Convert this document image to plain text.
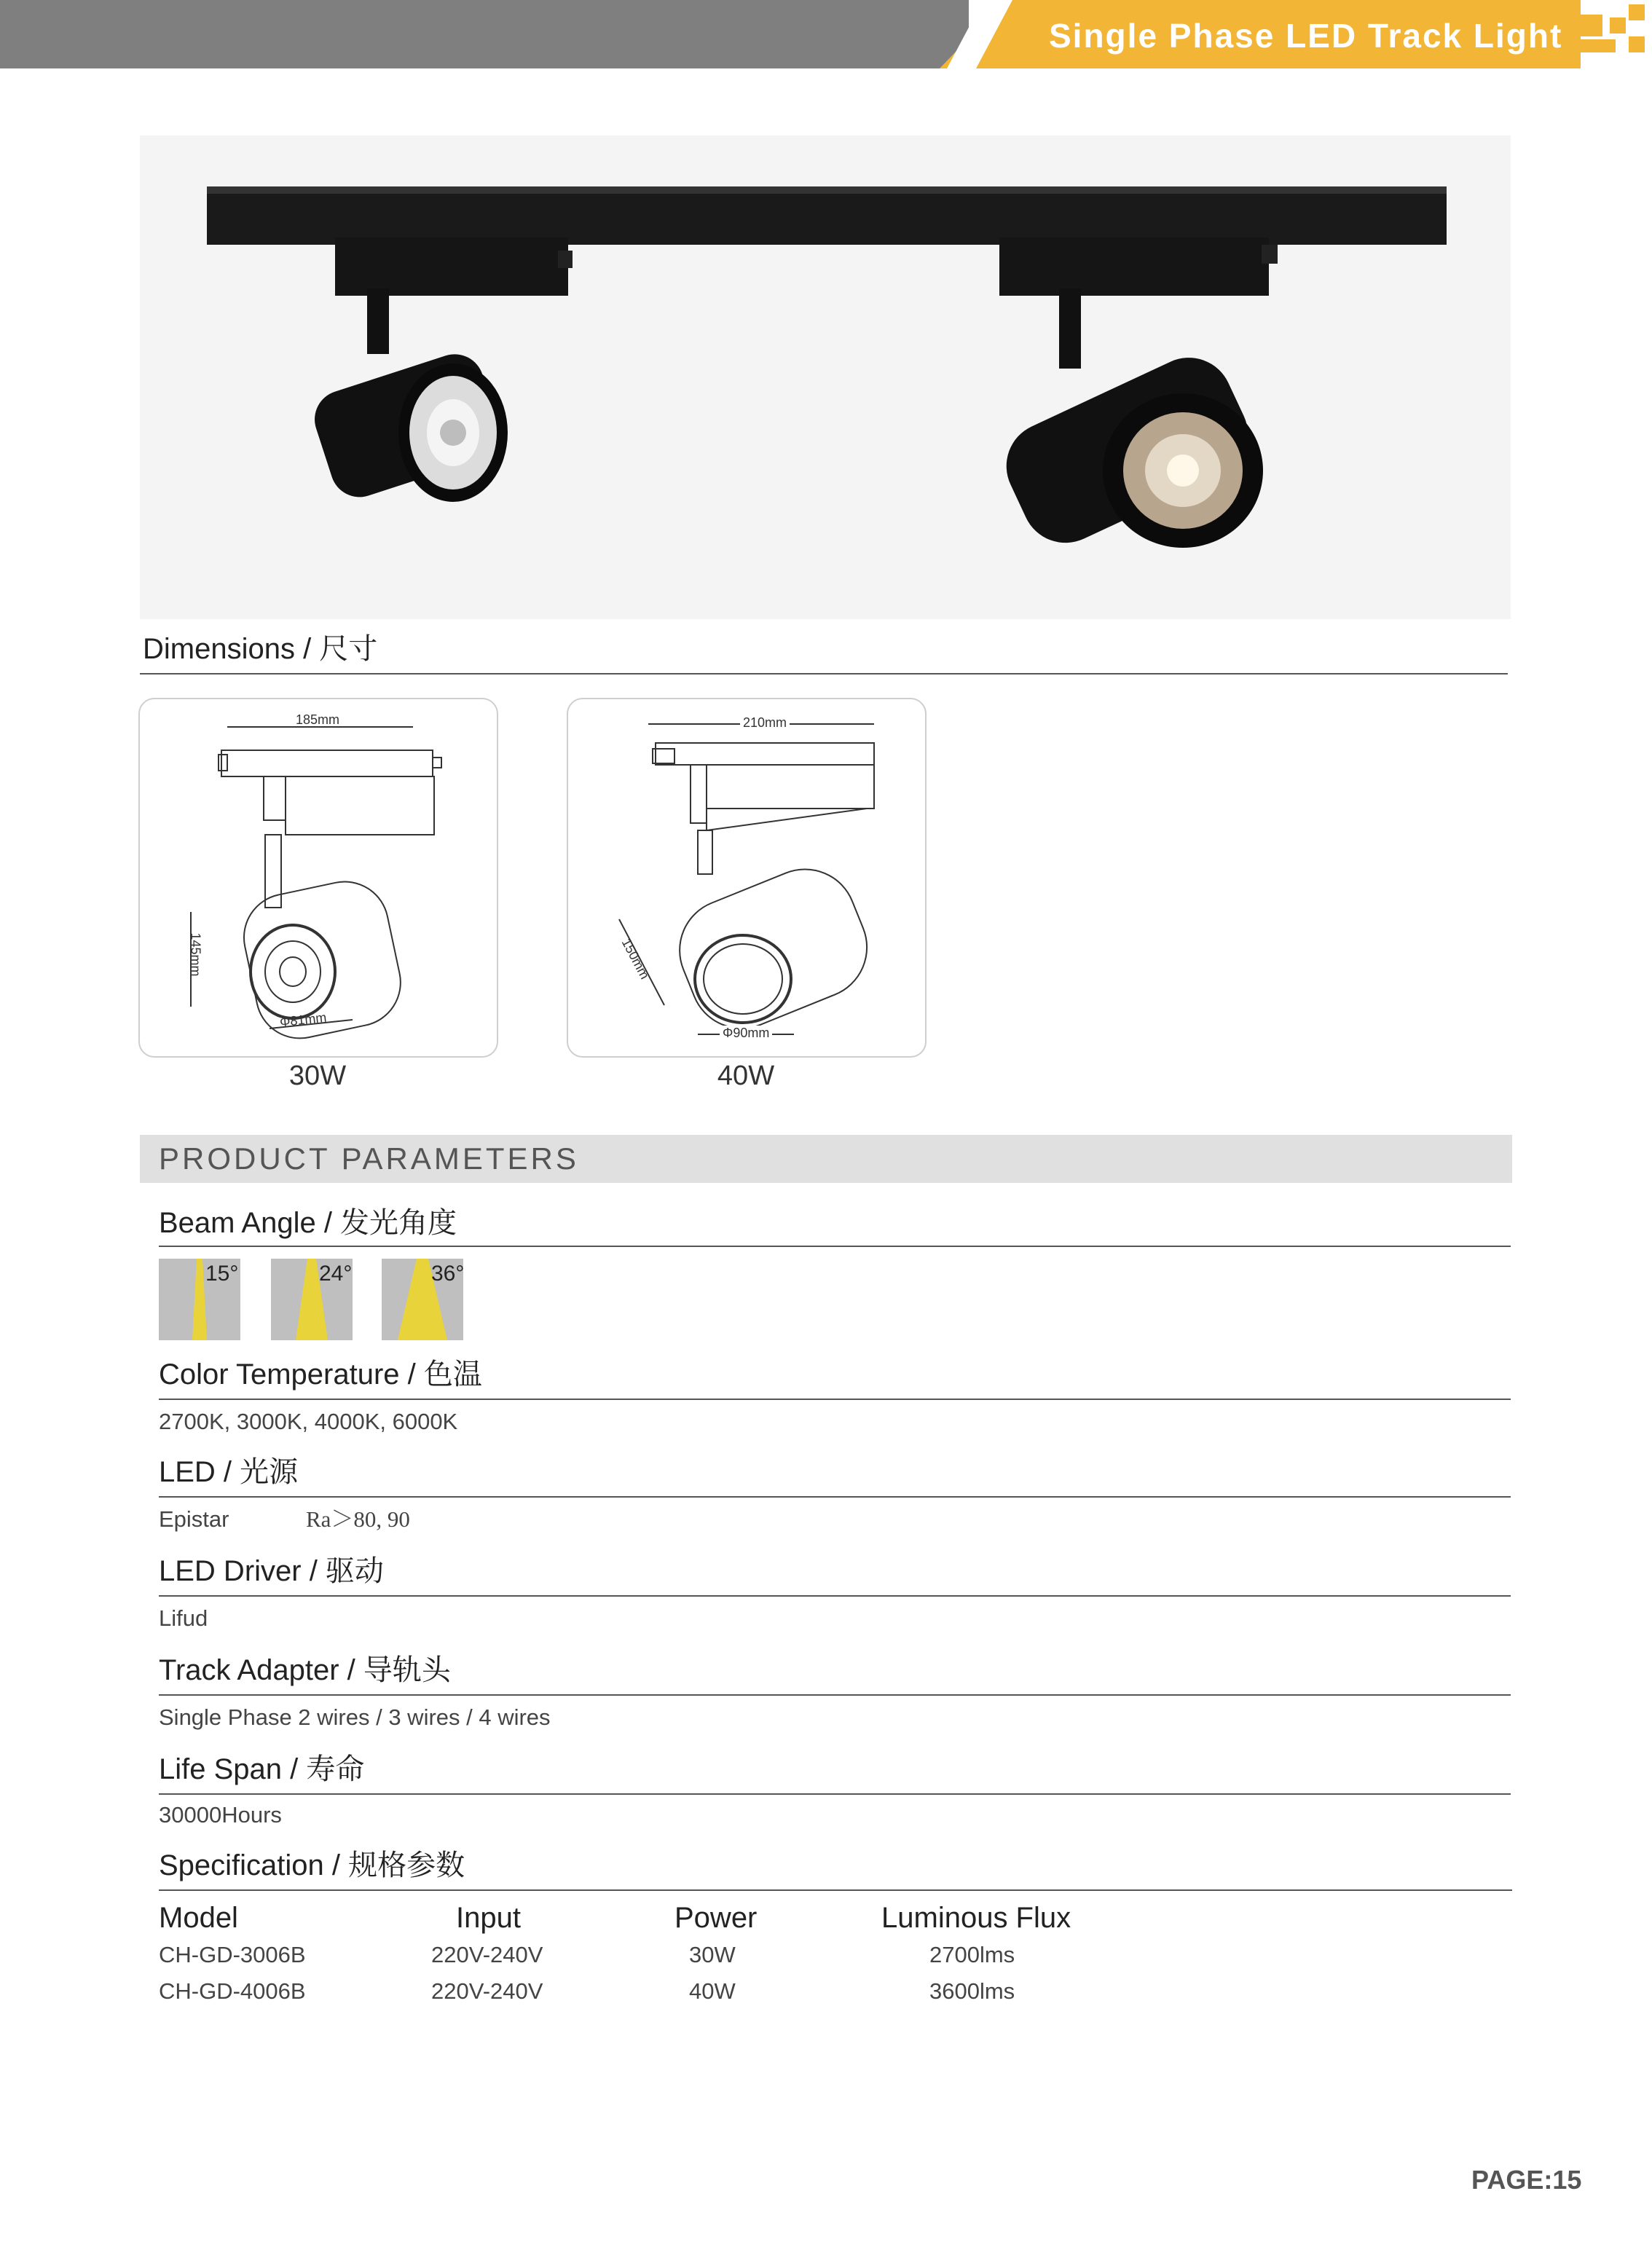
Single Phase LED Track Light
Dimensions / 尺寸
185mm
145mm
Φ81mm
30W
210mm
150mm
Φ90mm
40W
PRODUCT PARAMETERS
Beam Angle / 发光角度
15°	24°	36°
Color Temperature / 色温
2700K, 3000K, 4000K, 6000K
LED / 光源
Epistar	Ra＞80, 90
LED Driver / 驱动
Lifud
Track Adapter / 导轨头
Single Phase 2 wires / 3 wires / 4 wires
Life Span / 寿命
30000Hours
Specification / 规格参数
Model	Input	Power	Luminous Flux
CH-GD-3006B	220V-240V	30W	2700lms
CH-GD-4006B	220V-240V	40W	3600lms
PAGE:15
